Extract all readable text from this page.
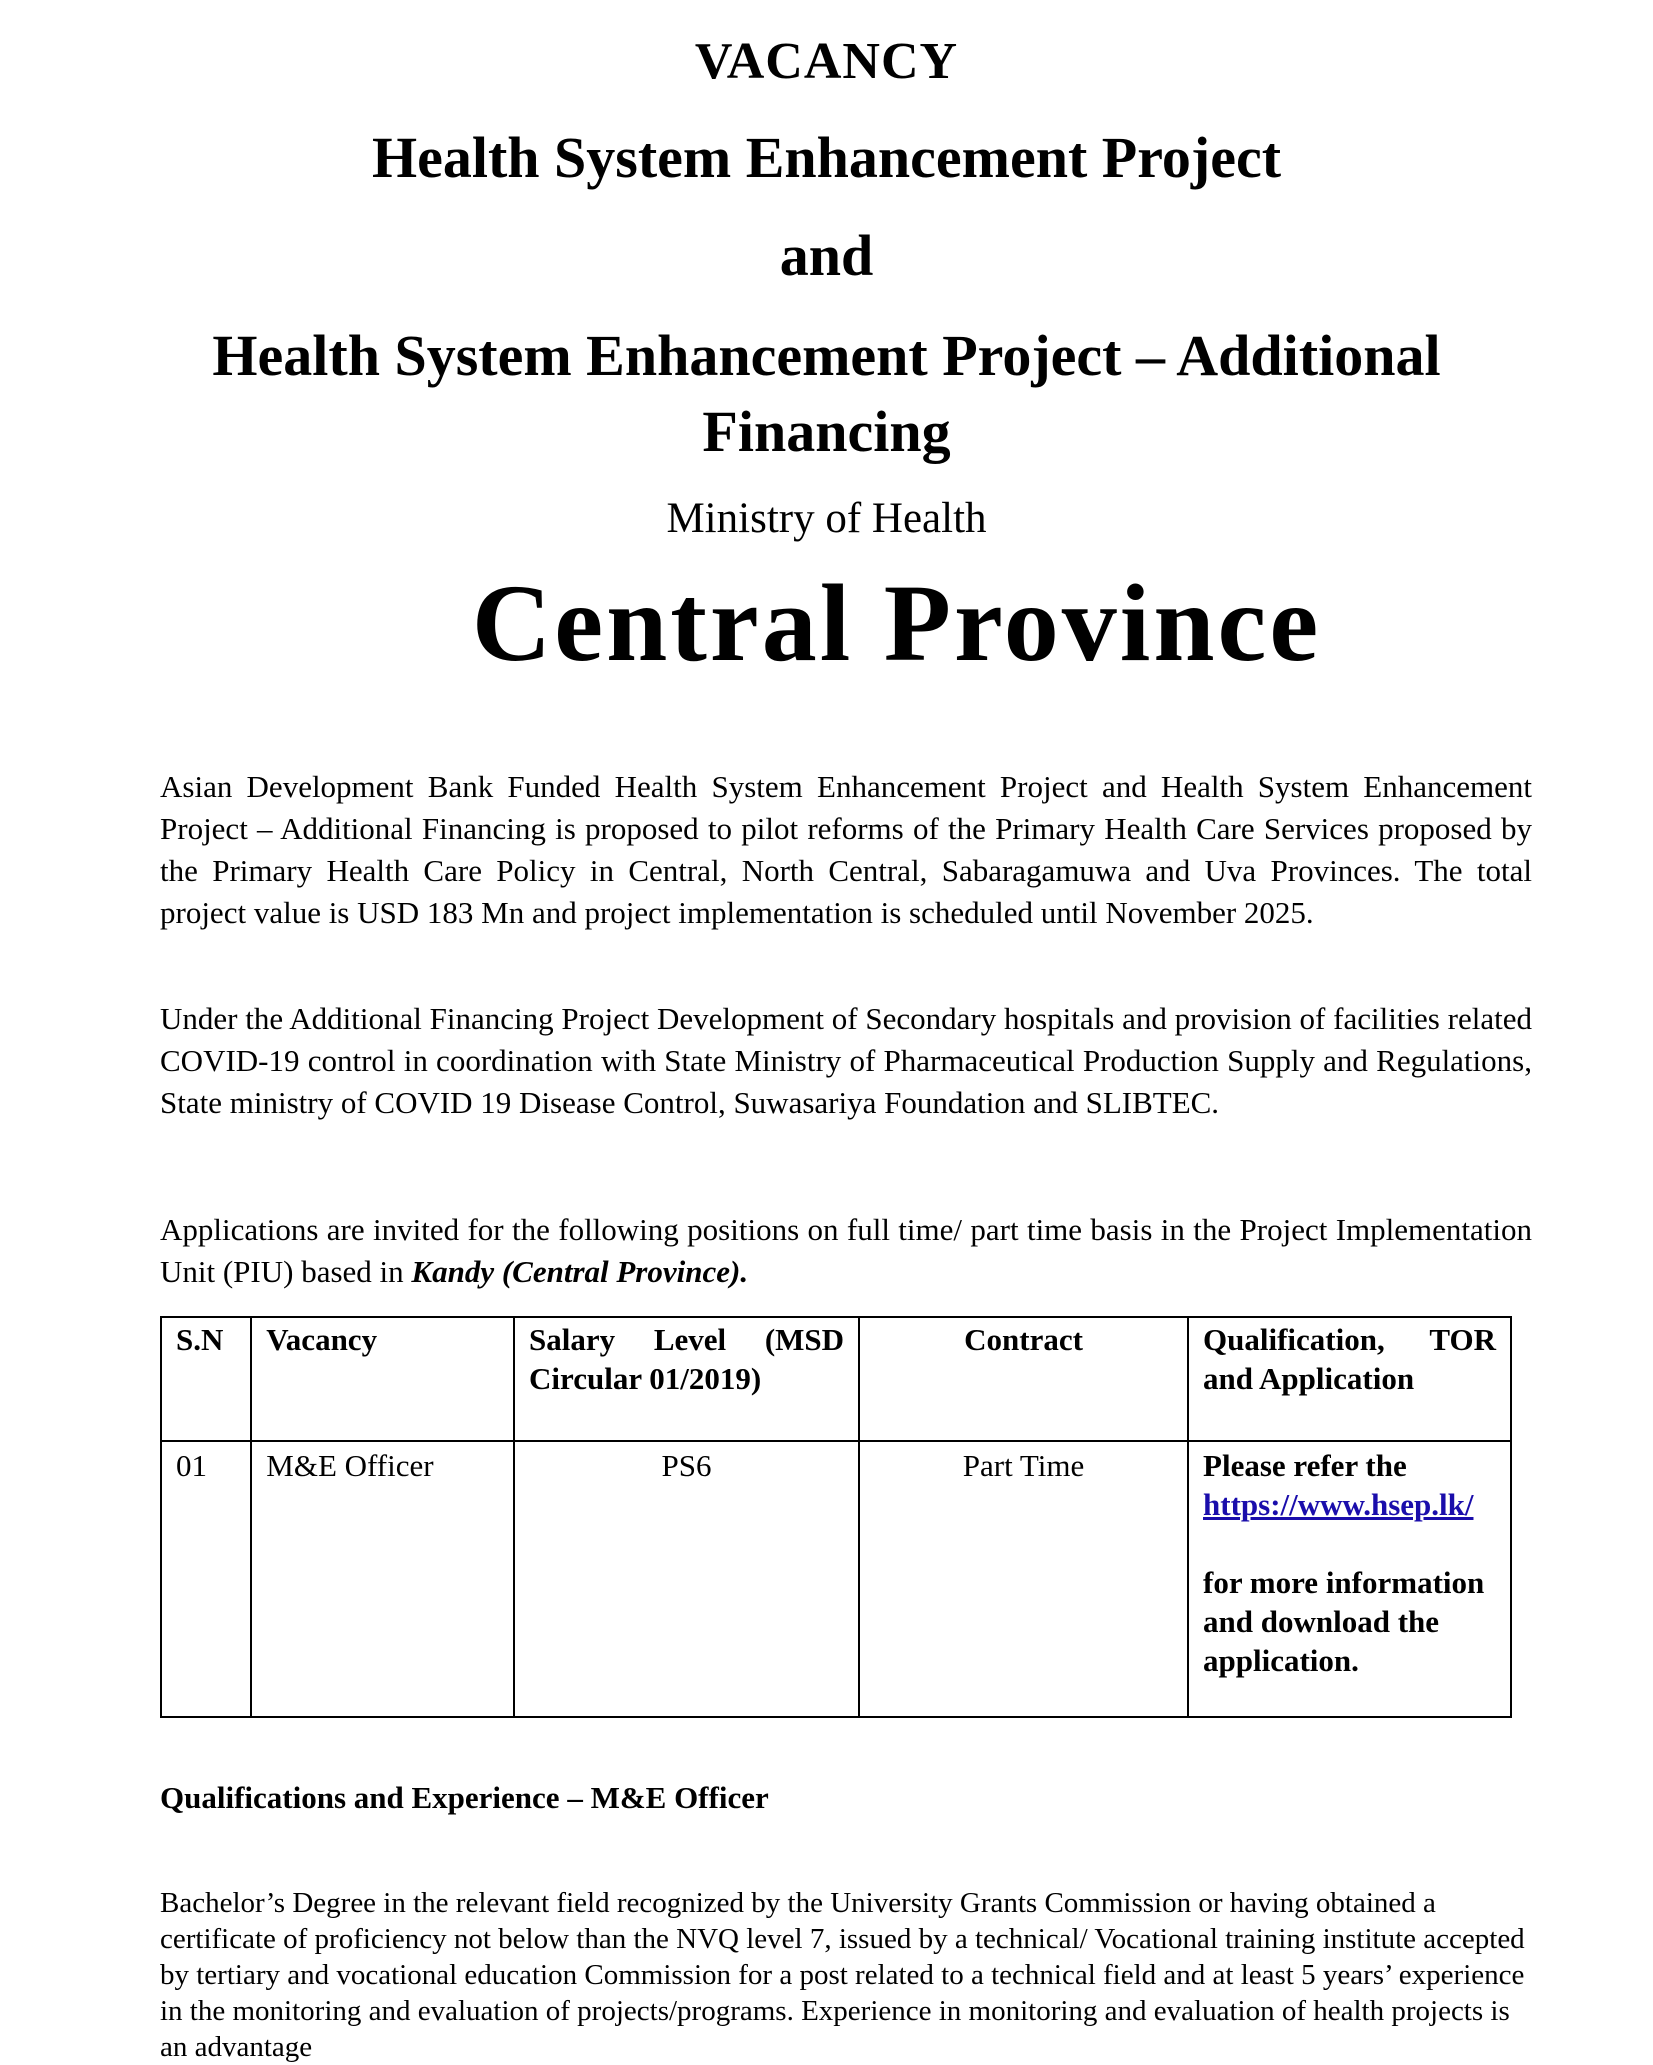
VACANCY
Health System Enhancement Project
and
Health System Enhancement Project – Additional
Financing
Ministry of Health
Central Province
Asian Development Bank Funded Health System Enhancement Project and Health System Enhancement Project – Additional Financing is proposed to pilot reforms of the Primary Health Care Services proposed by the Primary Health Care Policy in Central, North Central, Sabaragamuwa and Uva Provinces. The total project value is USD 183 Mn and project implementation is scheduled until November 2025.
Under the Additional Financing Project Development of Secondary hospitals and provision of facilities related COVID-19 control in coordination with State Ministry of Pharmaceutical Production Supply and Regulations, State ministry of COVID 19 Disease Control, Suwasariya Foundation and SLIBTEC.
Applications are invited for the following positions on full time/ part time basis in the Project Implementation Unit (PIU) based in Kandy (Central Province).
S.N	Vacancy	Salary Level (MSD Circular 01/2019)	Contract	Qualification, TOR and Application
01	M&E Officer	PS6	Part Time	Please refer the
https://www.hsep.lk/
for more information and download the application.
Qualifications and Experience – M&E Officer
Bachelor’s Degree in the relevant field recognized by the University Grants Commission or having obtained a certificate of proficiency not below than the NVQ level 7, issued by a technical/ Vocational training institute accepted by tertiary and vocational education Commission for a post related to a technical field and at least 5 years’ experience in the monitoring and evaluation of projects/programs. Experience in monitoring and evaluation of health projects is an advantage
